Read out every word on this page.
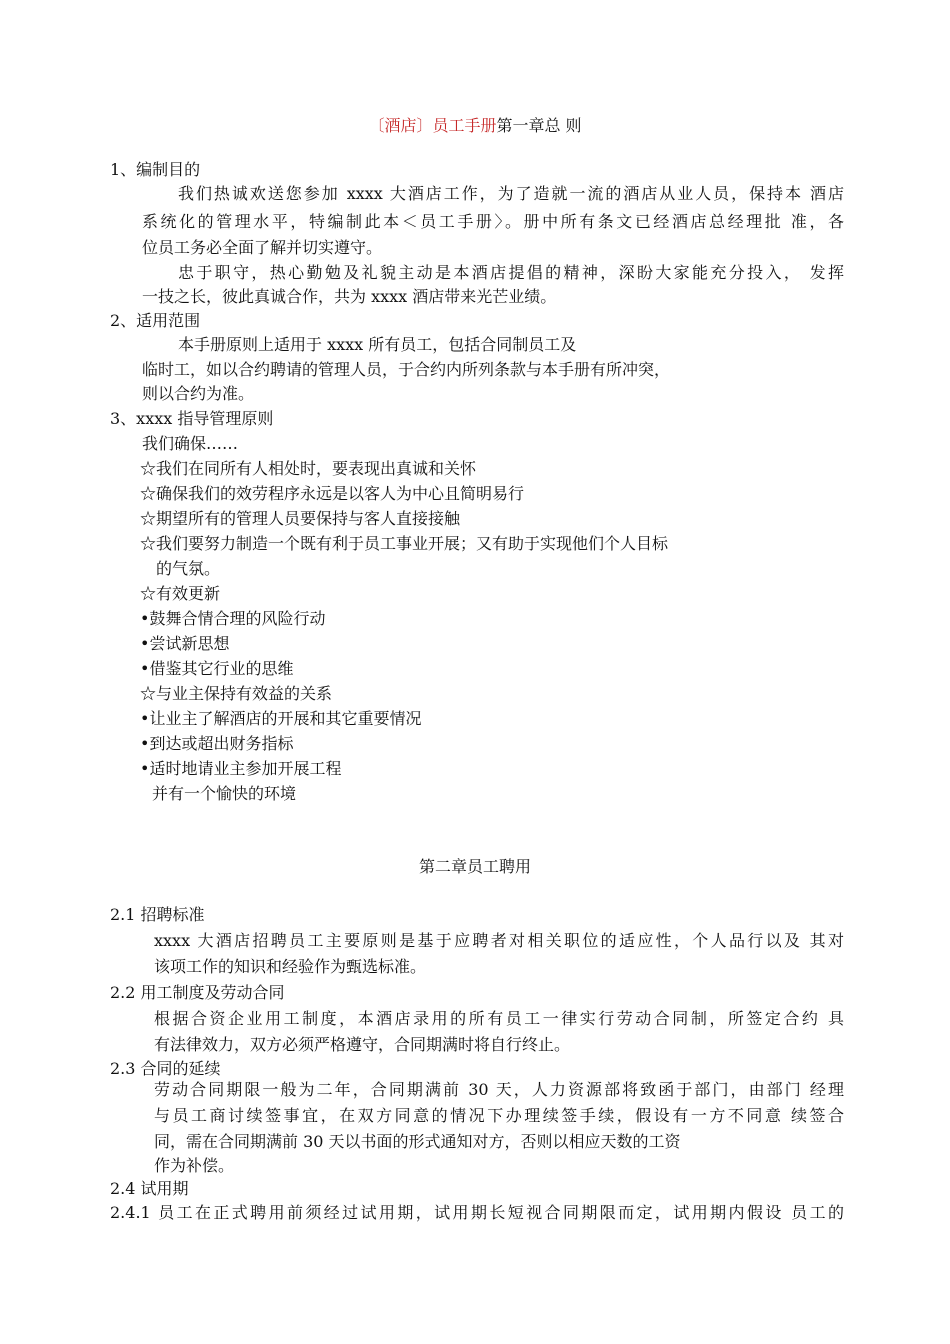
〔酒店〕员工手册第一章总 则
1、编制目的
我们热诚欢送您参加 xxxx 大酒店工作，为了造就一流的酒店从业人员，保持本 酒店
系统化的管理水平，特编制此本＜员工手册〉。册中所有条文已经酒店总经理批 准，各
位员工务必全面了解并切实遵守。
忠于职守，热心勤勉及礼貌主动是本酒店提倡的精神，深盼大家能充分投入， 发挥
一技之长，彼此真诚合作，共为 xxxx 酒店带来光芒业绩。
2、适用范围
本手册原则上适用于 xxxx 所有员工，包括合同制员工及
临时工，如以合约聘请的管理人员，于合约内所列条款与本手册有所冲突，
则以合约为准。
3、xxxx 指导管理原则
我们确保……
☆我们在同所有人相处时，要表现出真诚和关怀
☆确保我们的效劳程序永远是以客人为中心且简明易行
☆期望所有的管理人员要保持与客人直接接触
☆我们要努力制造一个既有利于员工事业开展；又有助于实现他们个人目标
的气氛。
☆有效更新
•鼓舞合情合理的风险行动
•尝试新思想
•借鉴其它行业的思维
☆与业主保持有效益的关系
•让业主了解酒店的开展和其它重要情况
•到达或超出财务指标
•适时地请业主参加开展工程
并有一个愉快的环境
第二章员工聘用
2.1 招聘标准
xxxx 大酒店招聘员工主要原则是基于应聘者对相关职位的适应性，个人品行以及 其对
该项工作的知识和经验作为甄选标准。
2.2 用工制度及劳动合同
根据合资企业用工制度，本酒店录用的所有员工一律实行劳动合同制，所签定合约 具
有法律效力，双方必须严格遵守，合同期满时将自行终止。
2.3 合同的延续
劳动合同期限一般为二年，合同期满前 30 天，人力资源部将致函于部门，由部门 经理
与员工商讨续签事宜，在双方同意的情况下办理续签手续，假设有一方不同意 续签合
同，需在合同期满前 30 天以书面的形式通知对方，否则以相应天数的工资
作为补偿。
2.4 试用期
2.4.1 员工在正式聘用前须经过试用期，试用期长短视合同期限而定，试用期内假设 员工的
